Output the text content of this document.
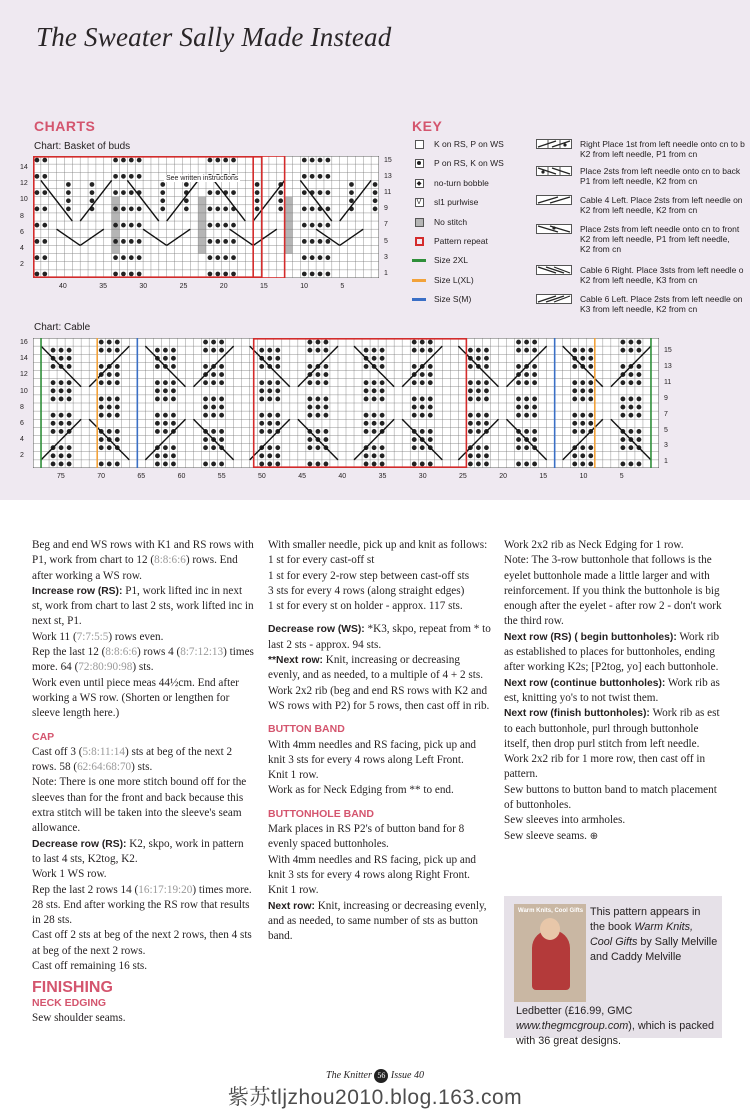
The Sweater Sally Made Instead
CHARTS	KEY
Chart: Basket of buds
14
12
10
8
6
4
2
15
13
11
9
7
5
3
1
40	35	30	25	20	15	10	5
See written instructions
Chart: Cable
16
14
12
10
8
6
4
2
15
13
11
9
7
5
3
1
75	70	65	60	55	50	45	40	35	30	25	20	15	10	5
K on RS, P on WS
P on RS, K on WS
◆ no-turn bobble
V sl1 purlwise
No stitch
Pattern repeat
Size 2XL
Size L(XL)
Size S(M)
Right Place 1st from left needle onto cn to b
K2 from left needle, P1 from cn
Place 2sts from left needle onto cn to back
P1 from left needle, K2 from cn
Cable 4 Left. Place 2sts from left needle on
K2 from left needle, K2 from cn
Place 2sts from left needle onto cn to front
K2 from left needle, P1 from left needle,
K2 from cn
Cable 6 Right. Place 3sts from left needle o
K2 from left needle, K3 from cn
Cable 6 Left. Place 2sts from left needle on
K3 from left needle, K2 from cn

Beg and end WS rows with K1 and RS rows with P1, work from chart to 12 (8:8:6:6) rows. End after working a WS row.

Increase row (RS): P1, work lifted inc in next st, work from chart to last 2 sts, work lifted inc in next st, P1.

Work 11 (7:7:5:5) rows even.

Rep the last 12 (8:8:6:6) rows 4 (8:7:12:13) times more. 64 (72:80:90:98) sts.

Work even until piece meas 44½cm. End after working a WS row. (Shorten or lengthen for sleeve length here.)

CAP

Cast off 3 (5:8:11:14) sts at beg of the next 2 rows. 58 (62:64:68:70) sts.

Note: There is one more stitch bound off for the sleeves than for the front and back because this extra stitch will be taken into the sleeve's seam allowance.

Decrease row (RS): K2, skpo, work in pattern to last 4 sts, K2tog, K2.

Work 1 WS row.

Rep the last 2 rows 14 (16:17:19:20) times more. 28 sts. End after working the RS row that results in 28 sts.

Cast off 2 sts at beg of the next 2 rows, then 4 sts at beg of the next 2 rows.

Cast off remaining 16 sts.

FINISHING
NECK EDGING

Sew shoulder seams.

With smaller needle, pick up and knit as follows:

1 st for every cast-off st

1 st for every 2-row step between cast-off sts

3 sts for every 4 rows (along straight edges)

1 st for every st on holder - approx. 117 sts.

Decrease row (WS): *K3, skpo, repeat from * to last 2 sts - approx. 94 sts.

**Next row: Knit, increasing or decreasing evenly, and as needed, to a multiple of 4 + 2 sts.

Work 2x2 rib (beg and end RS rows with K2 and WS rows with P2) for 5 rows, then cast off in rib.

BUTTON BAND

With 4mm needles and RS facing, pick up and knit 3 sts for every 4 rows along Left Front.

Knit 1 row.

Work as for Neck Edging from ** to end.

BUTTONHOLE BAND

Mark places in RS P2's of button band for 8 evenly spaced buttonholes.

With 4mm needles and RS facing, pick up and knit 3 sts for every 4 rows along Right Front.

Knit 1 row.

Next row: Knit, increasing or decreasing evenly, and as needed, to same number of sts as button band.

Work 2x2 rib as Neck Edging for 1 row.

Note: The 3-row buttonhole that follows is the eyelet buttonhole made a little larger and with reinforcement. If you think the buttonhole is big enough after the eyelet - after row 2 - don't work the third row.

Next row (RS) ( begin buttonholes): Work rib as established to places for buttonholes, ending after working K2s; [P2tog, yo] each buttonhole.

Next row (continue buttonholes): Work rib as est, knitting yo's to not twist them.

Next row (finish buttonholes): Work rib as est to each buttonhole, purl through buttonhole itself, then drop purl stitch from left needle.

Work 2x2 rib for 1 more row, then cast off in pattern.

Sew buttons to button band to match placement of buttonholes.

Sew sleeves into armholes.

Sew sleeve seams. ⊕

Warm Knits, Cool Gifts This pattern appears in the book Warm Knits, Cool Gifts by Sally Melville and Caddy Melville
Ledbetter (£16.99, GMC www.thegmcgroup.com), which is packed with 36 great designs.
The Knitter 56 Issue 40
紫苏tljzhou2010.blog.163.com
